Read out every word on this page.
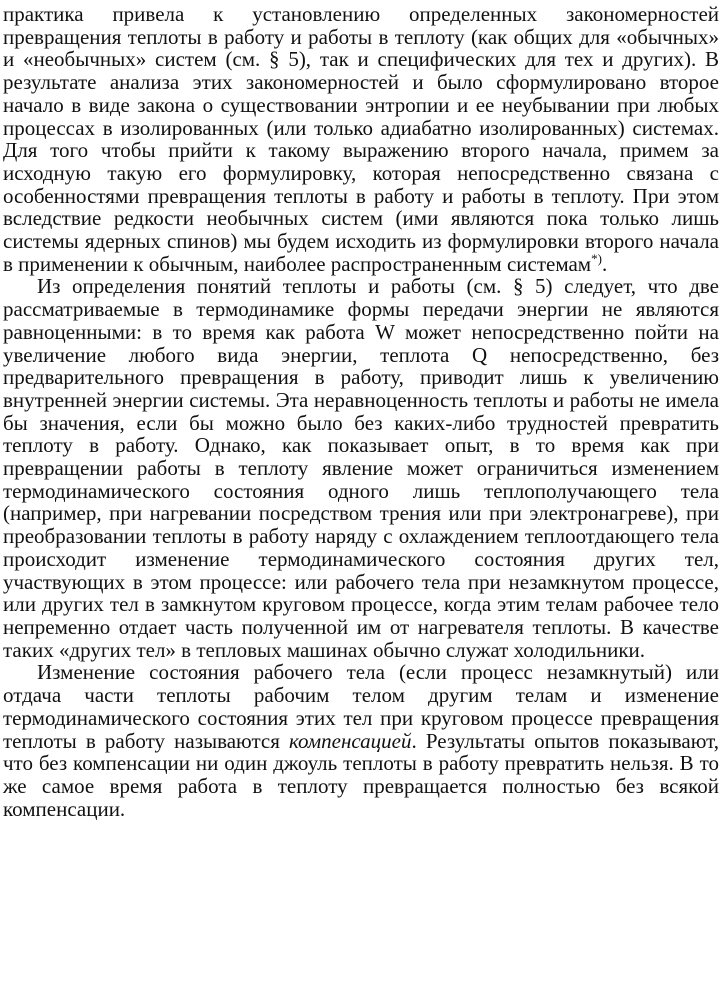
практика привела к установлению определенных закономерностей превращения теплоты в работу и работы в теплоту (как общих для «обычных» и «необычных» систем (см. § 5), так и специфических для тех и других). В результате анализа этих закономерностей и было сформулировано второе начало в виде закона о существовании энтропии и ее неубывании при любых процессах в изолированных (или только адиабатно изолированных) системах. Для того чтобы прийти к такому выражению второго начала, примем за исходную такую его формулировку, которая непосредственно связана с особенностями превращения теплоты в работу и работы в теплоту. При этом вследствие редкости необычных систем (ими являются пока только лишь системы ядерных спинов) мы будем исходить из формулировки второго начала в применении к обычным, наиболее распространенным системам*).

Из определения понятий теплоты и работы (см. § 5) следует, что две рассматриваемые в термодинамике формы передачи энергии не являются равноценными: в то время как работа W может непосредственно пойти на увеличение любого вида энергии, теплота Q непосредственно, без предварительного превращения в работу, приводит лишь к увеличению внутренней энергии системы. Эта неравноценность теплоты и работы не имела бы значения, если бы можно было без каких-либо трудностей превратить теплоту в работу. Однако, как показывает опыт, в то время как при превращении работы в теплоту явление может ограничиться изменением термодинамического состояния одного лишь теплополучающего тела (например, при нагревании посредством трения или при электронагреве), при преобразовании теплоты в работу наряду с охлаждением теплоотдающего тела происходит изменение термодинамического состояния других тел, участвующих в этом процессе: или рабочего тела при незамкнутом процессе, или других тел в замкнутом круговом процессе, когда этим телам рабочее тело непременно отдает часть полученной им от нагревателя теплоты. В качестве таких «других тел» в тепловых машинах обычно служат холодильники.

Изменение состояния рабочего тела (если процесс незамкнутый) или отдача части теплоты рабочим телом другим телам и изменение термодинамического состояния этих тел при круговом процессе превращения теплоты в работу называются компенсацией. Результаты опытов показывают, что без компенсации ни один джоуль теплоты в работу превратить нельзя. В то же самое время работа в теплоту превращается полностью без всякой компенсации.
